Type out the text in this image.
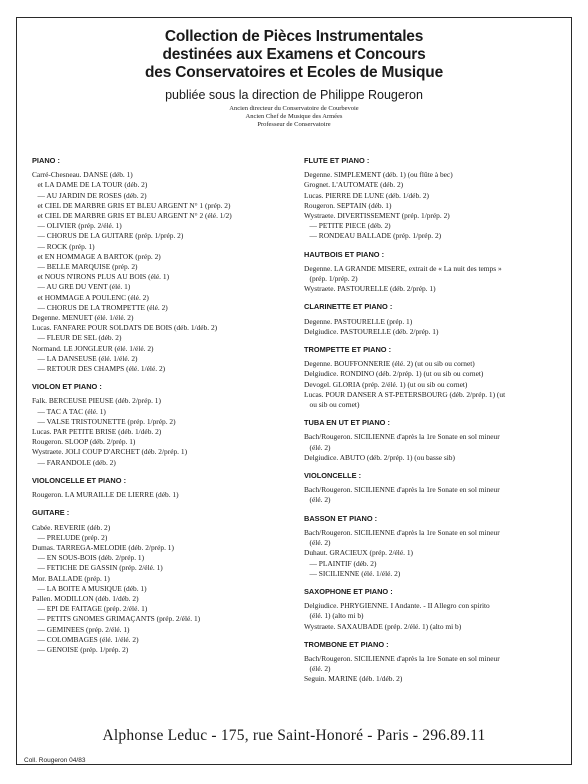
Collection de Pièces Instrumentales
destinées aux Examens et Concours
des Conservatoires et Ecoles de Musique
publiée sous la direction de Philippe Rougeron
Ancien directeur du Conservatoire de Courbevoie
Ancien Chef de Musique des Armées
Professeur de Conservatoire
PIANO :
Carré-Chesneau. DANSE (déb. 1)
et LA DAME DE LA TOUR (déb. 2)
— AU JARDIN DE ROSES (déb. 2)
et CIEL DE MARBRE GRIS ET BLEU ARGENT N° 1 (prép. 2)
et CIEL DE MARBRE GRIS ET BLEU ARGENT N° 2 (élé. 1/2)
— OLIVIER (prép. 2/élé. 1)
— CHORUS DE LA GUITARE (prép. 1/prép. 2)
— ROCK (prép. 1)
et EN HOMMAGE A BARTOK (prép. 2)
— BELLE MARQUISE (prép. 2)
et NOUS N'IRONS PLUS AU BOIS (élé. 1)
— AU GRE DU VENT (élé. 1)
et HOMMAGE A POULENC (élé. 2)
— CHORUS DE LA TROMPETTE (élé. 2)
Degenne. MENUET (élé. 1/élé. 2)
Lucas. FANFARE POUR SOLDATS DE BOIS (déb. 1/déb. 2)
— FLEUR DE SEL (déb. 2)
Normand. LE JONGLEUR (élé. 1/élé. 2)
— LA DANSEUSE (élé. 1/élé. 2)
— RETOUR DES CHAMPS (élé. 1/élé. 2)
VIOLON ET PIANO :
Falk. BERCEUSE PIEUSE (déb. 2/prép. 1)
— TAC A TAC (élé. 1)
— VALSE TRISTOUNETTE (prép. 1/prép. 2)
Lucas. PAR PETITE BRISE (déb. 1/déb. 2)
Rougeron. SLOOP (déb. 2/prép. 1)
Wystraete. JOLI COUP D'ARCHET (déb. 2/prép. 1)
— FARANDOLE (déb. 2)
VIOLONCELLE ET PIANO :
Rougeron. LA MURAILLE DE LIERRE (déb. 1)
GUITARE :
Cabée. REVERIE (déb. 2)
— PRELUDE (prép. 2)
Dumas. TARREGA-MELODIE (déb. 2/prép. 1)
— EN SOUS-BOIS (déb. 2/prép. 1)
— FETICHE DE GASSIN (prép. 2/élé. 1)
Mor. BALLADE (prép. 1)
— LA BOITE A MUSIQUE (déb. 1)
Pallen. MODILLON (déb. 1/déb. 2)
— EPI DE FAITAGE (prép. 2/élé. 1)
— PETITS GNOMES GRIMAÇANTS (prép. 2/élé. 1)
— GEMINEES (prép. 2/élé. 1)
— COLOMBAGES (élé. 1/élé. 2)
— GENOISE (prép. 1/prép. 2)
FLUTE ET PIANO :
Degenne. SIMPLEMENT (déb. 1) (ou flûte à bec)
Grognet. L'AUTOMATE (déb. 2)
Lucas. PIERRE DE LUNE (déb. 1/déb. 2)
Rougeron. SEPTAIN (déb. 1)
Wystraete. DIVERTISSEMENT (prép. 1/prép. 2)
— PETITE PIECE (déb. 2)
— RONDEAU BALLADE (prép. 1/prép. 2)
HAUTBOIS ET PIANO :
Degenne. LA GRANDE MISERE, extrait de « La nuit des temps »
(prép. 1/prép. 2)
Wystraete. PASTOURELLE (déb. 2/prép. 1)
CLARINETTE ET PIANO :
Degenne. PASTOURELLE (prép. 1)
Delgiudice. PASTOURELLE (déb. 2/prép. 1)
TROMPETTE ET PIANO :
Degenne. BOUFFONNERIE (élé. 2) (ut ou sib ou cornet)
Delgiudice. RONDINO (déb. 2/prép. 1) (ut ou sib ou cornet)
Devogel. GLORIA (prép. 2/élé. 1) (ut ou sib ou cornet)
Lucas. POUR DANSER A ST-PETERSBOURG (déb. 2/prép. 1) (ut
ou sib ou cornet)
TUBA EN UT ET PIANO :
Bach/Rougeron. SICILIENNE d'après la 1re Sonate en sol mineur
(élé. 2)
Delgiudice. ABUTO (déb. 2/prép. 1) (ou basse sib)
VIOLONCELLE :
Bach/Rougeron. SICILIENNE d'après la 1re Sonate en sol mineur
(élé. 2)
BASSON ET PIANO :
Bach/Rougeron. SICILIENNE d'après la 1re Sonate en sol mineur
(élé. 2)
Duhaut. GRACIEUX (prép. 2/élé. 1)
— PLAINTIF (déb. 2)
— SICILIENNE (élé. 1/élé. 2)
SAXOPHONE ET PIANO :
Delgiudice. PHRYGIENNE. I Andante. - II Allegro con spirito
(élé. 1) (alto mi b)
Wystraete. SAXAUBADE (prép. 2/élé. 1) (alto mi b)
TROMBONE ET PIANO :
Bach/Rougeron. SICILIENNE d'après la 1re Sonate en sol mineur
(élé. 2)
Seguin. MARINE (déb. 1/déb. 2)
Alphonse Leduc - 175, rue Saint-Honoré - Paris - 296.89.11
Coll. Rougeron 04/83
